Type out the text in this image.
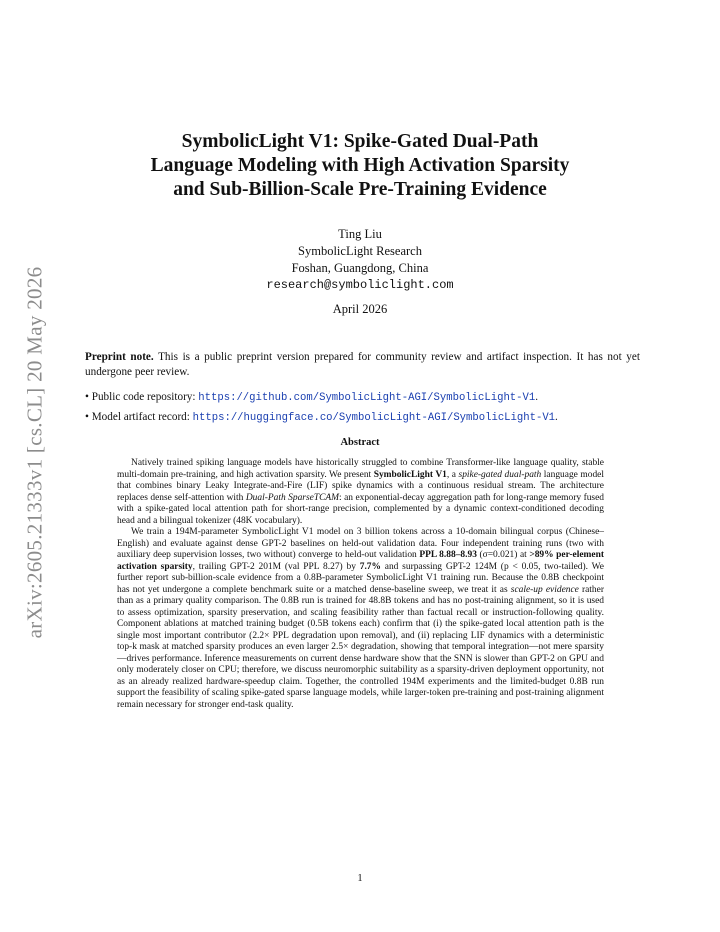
arXiv:2605.21333v1 [cs.CL] 20 May 2026
SymbolicLight V1: Spike-Gated Dual-Path
Language Modeling with High Activation Sparsity
and Sub-Billion-Scale Pre-Training Evidence
Ting Liu
SymbolicLight Research
Foshan, Guangdong, China
research@symboliclight.com
April 2026
Preprint note. This is a public preprint version prepared for community review and artifact inspection. It has not yet undergone peer review.
• Public code repository: https://github.com/SymbolicLight-AGI/SymbolicLight-V1.
• Model artifact record: https://huggingface.co/SymbolicLight-AGI/SymbolicLight-V1.
Abstract

Natively trained spiking language models have historically struggled to combine Transformer-like language quality, stable multi-domain pre-training, and high activation sparsity. We present SymbolicLight V1, a spike-gated dual-path language model that combines binary Leaky Integrate-and-Fire (LIF) spike dynamics with a continuous residual stream. The architecture replaces dense self-attention with Dual-Path SparseTCAM: an exponential-decay aggregation path for long-range memory fused with a spike-gated local attention path for short-range precision, complemented by a dynamic context-conditioned decoding head and a bilingual tokenizer (48K vocabulary).

We train a 194M-parameter SymbolicLight V1 model on 3 billion tokens across a 10-domain bilingual corpus (Chinese–English) and evaluate against dense GPT-2 baselines on held-out validation data. Four independent training runs (two with auxiliary deep supervision losses, two without) converge to held-out validation PPL 8.88–8.93 (σ=0.021) at >89% per-element activation sparsity, trailing GPT-2 201M (val PPL 8.27) by 7.7% and surpassing GPT-2 124M (p < 0.05, two-tailed). We further report sub-billion-scale evidence from a 0.8B-parameter SymbolicLight V1 training run. Because the 0.8B checkpoint has not yet undergone a complete benchmark suite or a matched dense-baseline sweep, we treat it as scale-up evidence rather than as a primary quality comparison. The 0.8B run is trained for 48.8B tokens and has no post-training alignment, so it is used to assess optimization, sparsity preservation, and scaling feasibility rather than factual recall or instruction-following quality. Component ablations at matched training budget (0.5B tokens each) confirm that (i) the spike-gated local attention path is the single most important contributor (2.2× PPL degradation upon removal), and (ii) replacing LIF dynamics with a deterministic top-k mask at matched sparsity produces an even larger 2.5× degradation, showing that temporal integration—not mere sparsity—drives performance. Inference measurements on current dense hardware show that the SNN is slower than GPT-2 on GPU and only moderately closer on CPU; therefore, we discuss neuromorphic suitability as a sparsity-driven deployment opportunity, not as an already realized hardware-speedup claim. Together, the controlled 194M experiments and the limited-budget 0.8B run support the feasibility of scaling spike-gated sparse language models, while larger-token pre-training and post-training alignment remain necessary for stronger end-task quality.

1
